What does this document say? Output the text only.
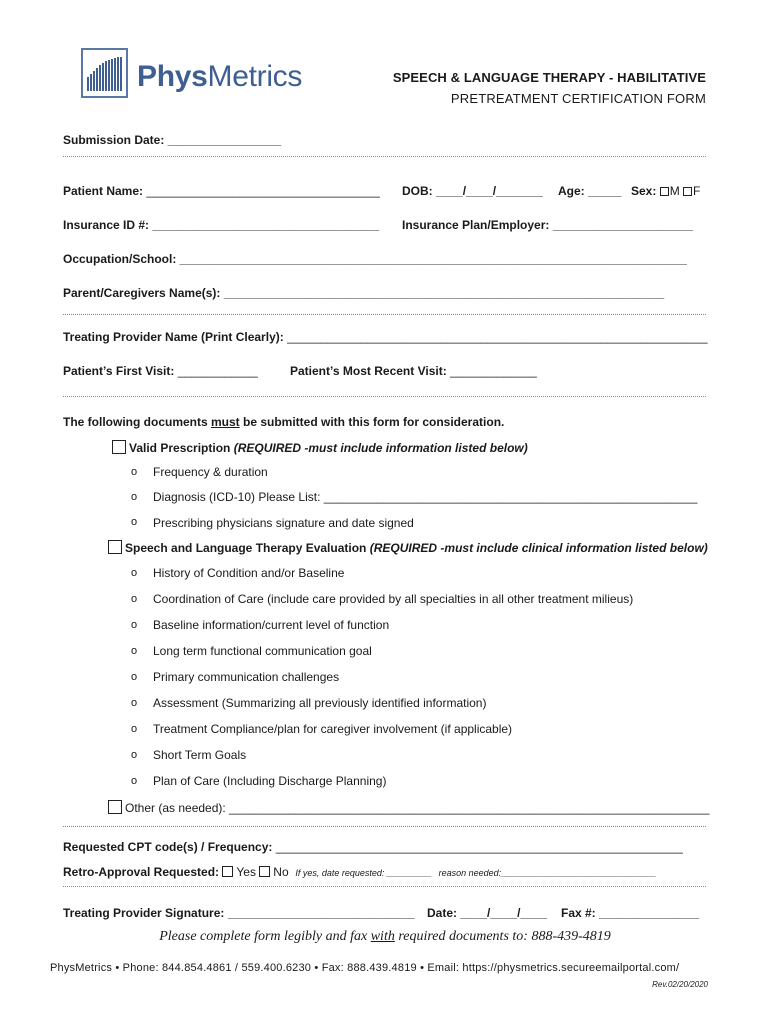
PhysMetrics	SPEECH & LANGUAGE THERAPY - HABILITATIVE
PRETREATMENT CERTIFICATION FORM
Submission Date: _________________
Patient Name: ___________________________________ DOB: ____/____/_______ Age: _____ Sex: M F
Insurance ID #: __________________________________ Insurance Plan/Employer: _____________________
Occupation/School: ____________________________________________________________________________
Parent/Caregivers Name(s): __________________________________________________________________
Treating Provider Name (Print Clearly): _______________________________________________________________
Patient’s First Visit: ____________	Patient’s Most Recent Visit: _____________
The following documents must be submitted with this form for consideration.
Valid Prescription (REQUIRED -must include information listed below)
o Frequency & duration
o Diagnosis (ICD-10) Please List: ________________________________________________________
o Prescribing physicians signature and date signed
Speech and Language Therapy Evaluation (REQUIRED -must include clinical information listed below)
o History of Condition and/or Baseline
o Coordination of Care (include care provided by all specialties in all other treatment milieus)
o Baseline information/current level of function
o Long term functional communication goal
o Primary communication challenges
o Assessment (Summarizing all previously identified information)
o Treatment Compliance/plan for caregiver involvement (if applicable)
o Short Term Goals
o Plan of Care (Including Discharge Planning)
Other (as needed): ________________________________________________________________________
Requested CPT code(s) / Frequency: _____________________________________________________________
Retro-Approval Requested: Yes No If yes, date requested: _________ reason needed:_______________________________
Treating Provider Signature: ____________________________ Date: ____/____/____ Fax #: _______________
Please complete form legibly and fax with required documents to: 888-439-4819
PhysMetrics • Phone: 844.854.4861 / 559.400.6230 • Fax: 888.439.4819 • Email: https://physmetrics.secureemailportal.com/
Rev.02/20/2020
